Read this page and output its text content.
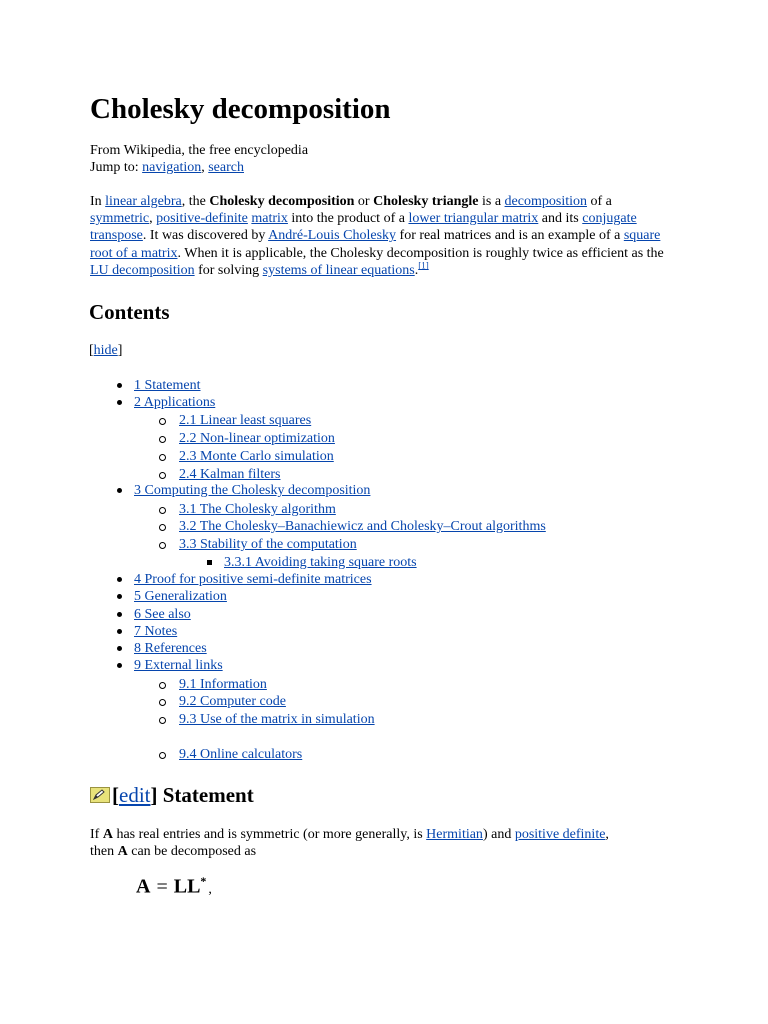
Cholesky decomposition
From Wikipedia, the free encyclopedia
Jump to: navigation, search

In linear algebra, the Cholesky decomposition or Cholesky triangle is a decomposition of a symmetric, positive-definite matrix into the product of a lower triangular matrix and its conjugate transpose. It was discovered by André-Louis Cholesky for real matrices and is an example of a square root of a matrix. When it is applicable, the Cholesky decomposition is roughly twice as efficient as the LU decomposition for solving systems of linear equations.[1]

Contents
[hide]
1 Statement
2 Applications
2.1 Linear least squares
2.2 Non-linear optimization
2.3 Monte Carlo simulation
2.4 Kalman filters
3 Computing the Cholesky decomposition
3.1 The Cholesky algorithm
3.2 The Cholesky–Banachiewicz and Cholesky–Crout algorithms
3.3 Stability of the computation
3.3.1 Avoiding taking square roots
4 Proof for positive semi-definite matrices
5 Generalization
6 See also
7 Notes
8 References
9 External links
9.1 Information
9.2 Computer code
9.3 Use of the matrix in simulation
9.4 Online calculators
[edit] Statement

If A has real entries and is symmetric (or more generally, is Hermitian) and positive definite,
then A can be decomposed as

A = LL*,
